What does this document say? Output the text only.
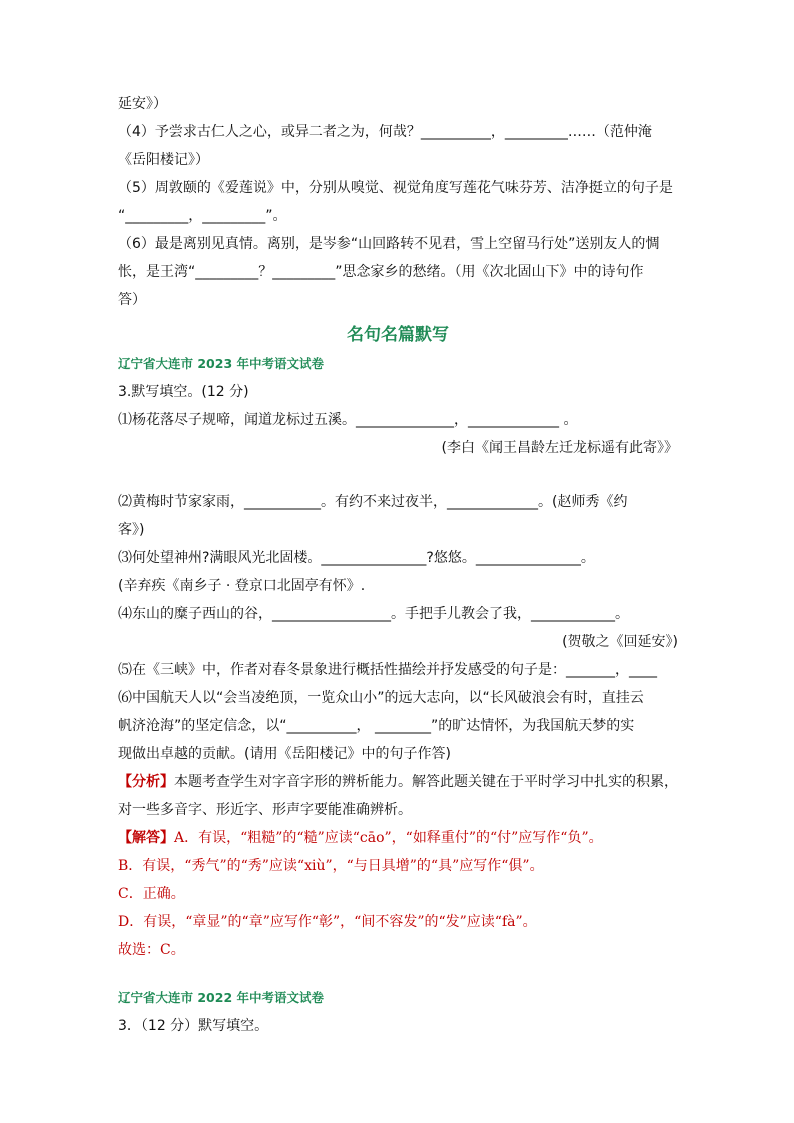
延安》）
（4）予尝求古仁人之心，或异二者之为，何哉？__________，_________……（范仲淹
《岳阳楼记》）
（5）周敦颐的《爱莲说》中，分别从嗅觉、视觉角度写莲花气味芬芳、洁净挺立的句子是
“_________，_________”。
（6）最是离别见真情。离别，是岑参“山回路转不见君，雪上空留马行处”送别友人的惆
怅，是王湾“_________？_________”思念家乡的愁绪。（用《次北固山下》中的诗句作
答）
名句名篇默写
辽宁省大连市 2023 年中考语文试卷
3.默写填空。(12 分)
⑴杨花落尽子规啼，闻道龙标过五溪。______________，_____________ 。
(李白《闻王昌龄左迁龙标遥有此寄》》
⑵黄梅时节家家雨，___________。有约不来过夜半，_____________。(赵师秀《约
客》)
⑶何处望神州?满眼风光北固楼。_______________?悠悠。_______________。
(辛弃疾《南乡子 · 登京口北固亭有怀》.
⑷东山的糜子西山的谷，_________________。手把手儿教会了我，____________。
(贺敬之《回延安》)
⑸在《三峡》中，作者对春冬景象进行概括性描绘并抒发感受的句子是：_______，____
⑹中国航天人以“会当凌绝顶，一览众山小”的远大志向，以“长风破浪会有时，直挂云
帆济沧海”的坚定信念，以“__________， ________”的旷达情怀，为我国航天梦的实
现做出卓越的贡献。(请用《岳阳楼记》中的句子作答)
【分析】本题考查学生对字音字形的辨析能力。解答此题关键在于平时学习中扎实的积累，
对一些多音字、形近字、形声字要能准确辨析。
【解答】A．有误，“粗糙”的“糙”应读“cāo”，“如释重付”的“付”应写作“负”。
B．有误，“秀气”的“秀”应读“xiù”，“与日具增”的“具”应写作“俱”。
C．正确。
D．有误，“章显”的“章”应写作“彰”，“间不容发”的“发”应读“fà”。
故选：C。
辽宁省大连市 2022 年中考语文试卷
3．（12 分）默写填空。
